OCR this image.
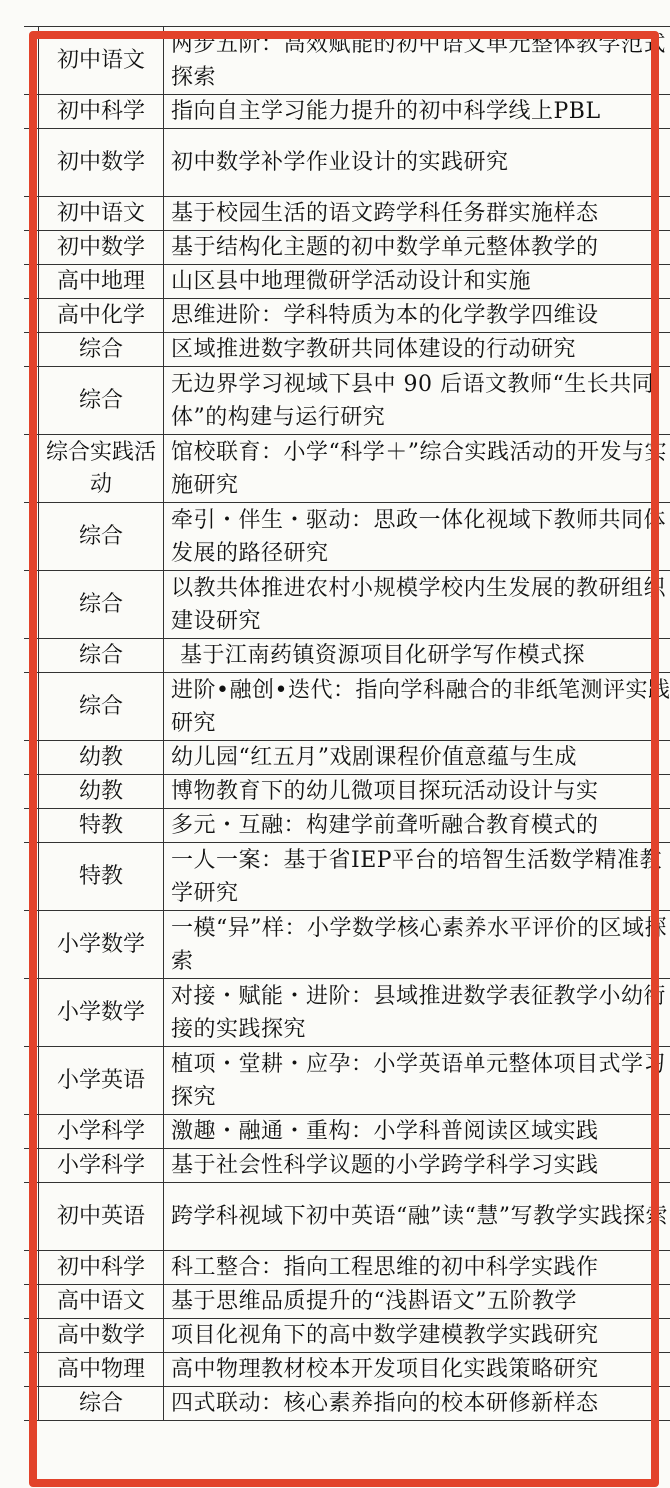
	初中语文	两步五阶：高效赋能的初中语文单元整体教学范式探索
	初中科学	指向自主学习能力提升的初中科学线上PBL
	初中数学	初中数学补学作业设计的实践研究
	初中语文	基于校园生活的语文跨学科任务群实施样态
	初中数学	基于结构化主题的初中数学单元整体教学的
	高中地理	山区县中地理微研学活动设计和实施
	高中化学	思维进阶：学科特质为本的化学教学四维设
	综合	区域推进数字教研共同体建设的行动研究
	综合	无边界学习视域下县中 90 后语文教师“生长共同体”的构建与运行研究
	综合实践活动	馆校联育：小学“科学＋”综合实践活动的开发与实施研究
	综合	牵引・伴生・驱动：思政一体化视域下教师共同体发展的路径研究
	综合	以教共体推进农村小规模学校内生发展的教研组织建设研究
	综合	基于江南药镇资源项目化研学写作模式探
	综合	进阶•融创•迭代：指向学科融合的非纸笔测评实践研究
	幼教	幼儿园“红五月”戏剧课程价值意蕴与生成
	幼教	博物教育下的幼儿微项目探玩活动设计与实
	特教	多元・互融：构建学前聋听融合教育模式的
	特教	一人一案：基于省IEP平台的培智生活数学精准教学研究
	小学数学	一模“异”样：小学数学核心素养水平评价的区域探索
	小学数学	对接・赋能・进阶：县域推进数学表征教学小幼衔接的实践探究
	小学英语	植项・堂耕・应孕：小学英语单元整体项目式学习探究
	小学科学	激趣・融通・重构：小学科普阅读区域实践
	小学科学	基于社会性科学议题的小学跨学科学习实践
	初中英语	跨学科视域下初中英语“融”读“慧”写教学实践探索
	初中科学	科工整合：指向工程思维的初中科学实践作
	高中语文	基于思维品质提升的“浅斟语文”五阶教学
	高中数学	项目化视角下的高中数学建模教学实践研究
	高中物理	高中物理教材校本开发项目化实践策略研究
	综合	四式联动：核心素养指向的校本研修新样态
